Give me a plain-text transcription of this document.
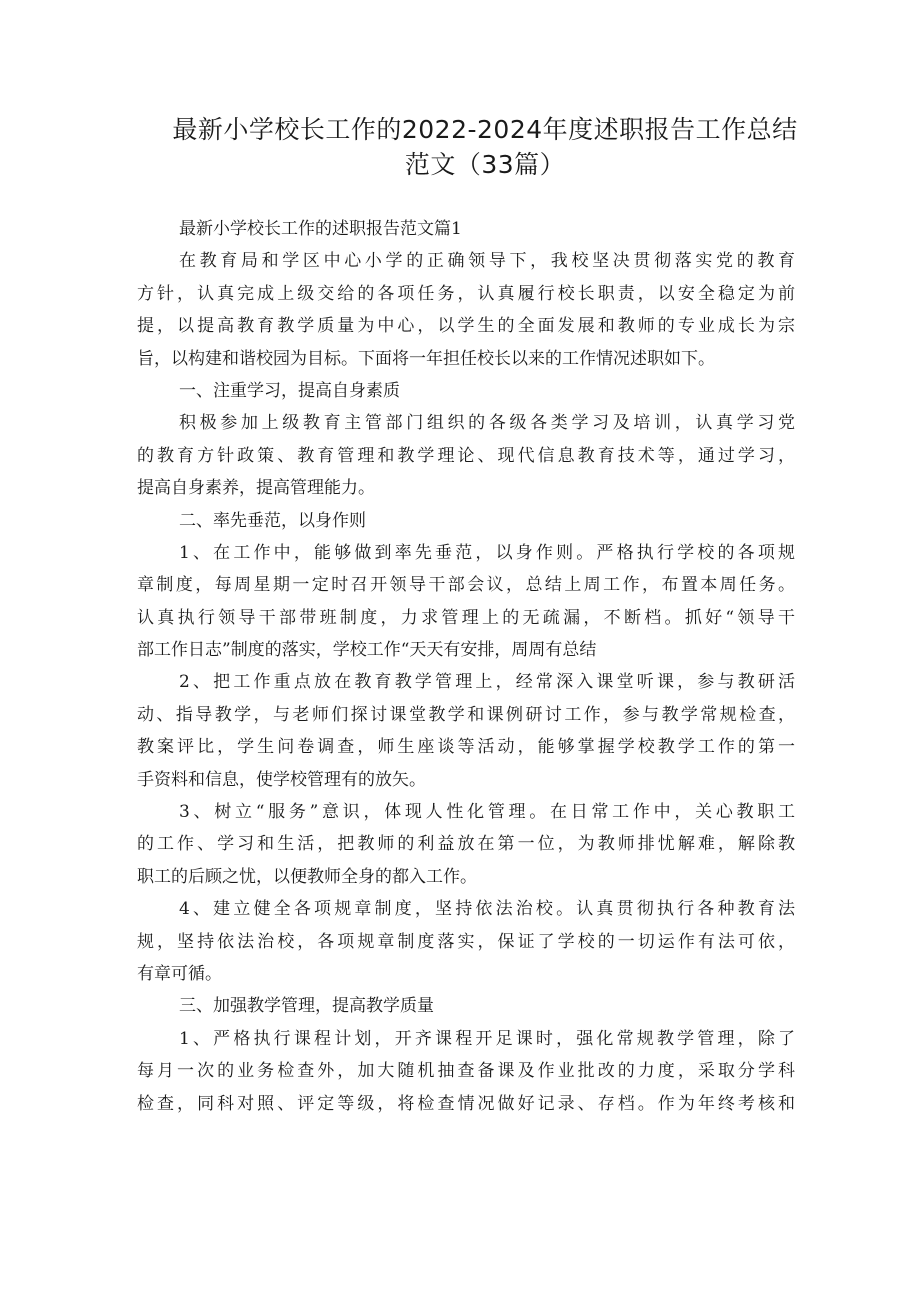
最新小学校长工作的2022-2024年度述职报告工作总结
范文（33篇）
最新小学校长工作的述职报告范文篇1
在教育局和学区中心小学的正确领导下，我校坚决贯彻落实党的教育
方针，认真完成上级交给的各项任务，认真履行校长职责，以安全稳定为前
提，以提高教育教学质量为中心，以学生的全面发展和教师的专业成长为宗
旨，以构建和谐校园为目标。下面将一年担任校长以来的工作情况述职如下。
一、注重学习，提高自身素质
积极参加上级教育主管部门组织的各级各类学习及培训，认真学习党
的教育方针政策、教育管理和教学理论、现代信息教育技术等，通过学习，
提高自身素养，提高管理能力。
二、率先垂范，以身作则
1、在工作中，能够做到率先垂范，以身作则。严格执行学校的各项规
章制度，每周星期一定时召开领导干部会议，总结上周工作，布置本周任务。
认真执行领导干部带班制度，力求管理上的无疏漏，不断档。抓好“领导干
部工作日志”制度的落实，学校工作“天天有安排，周周有总结
2、把工作重点放在教育教学管理上，经常深入课堂听课，参与教研活
动、指导教学，与老师们探讨课堂教学和课例研讨工作，参与教学常规检查，
教案评比，学生问卷调查，师生座谈等活动，能够掌握学校教学工作的第一
手资料和信息，使学校管理有的放矢。
3、树立“服务”意识，体现人性化管理。在日常工作中，关心教职工
的工作、学习和生活，把教师的利益放在第一位，为教师排忧解难，解除教
职工的后顾之忧，以便教师全身的都入工作。
4、建立健全各项规章制度，坚持依法治校。认真贯彻执行各种教育法
规，坚持依法治校，各项规章制度落实，保证了学校的一切运作有法可依，
有章可循。
三、加强教学管理，提高教学质量
1、严格执行课程计划，开齐课程开足课时，强化常规教学管理，除了
每月一次的业务检查外，加大随机抽查备课及作业批改的力度，采取分学科
检查，同科对照、评定等级，将检查情况做好记录、存档。作为年终考核和
